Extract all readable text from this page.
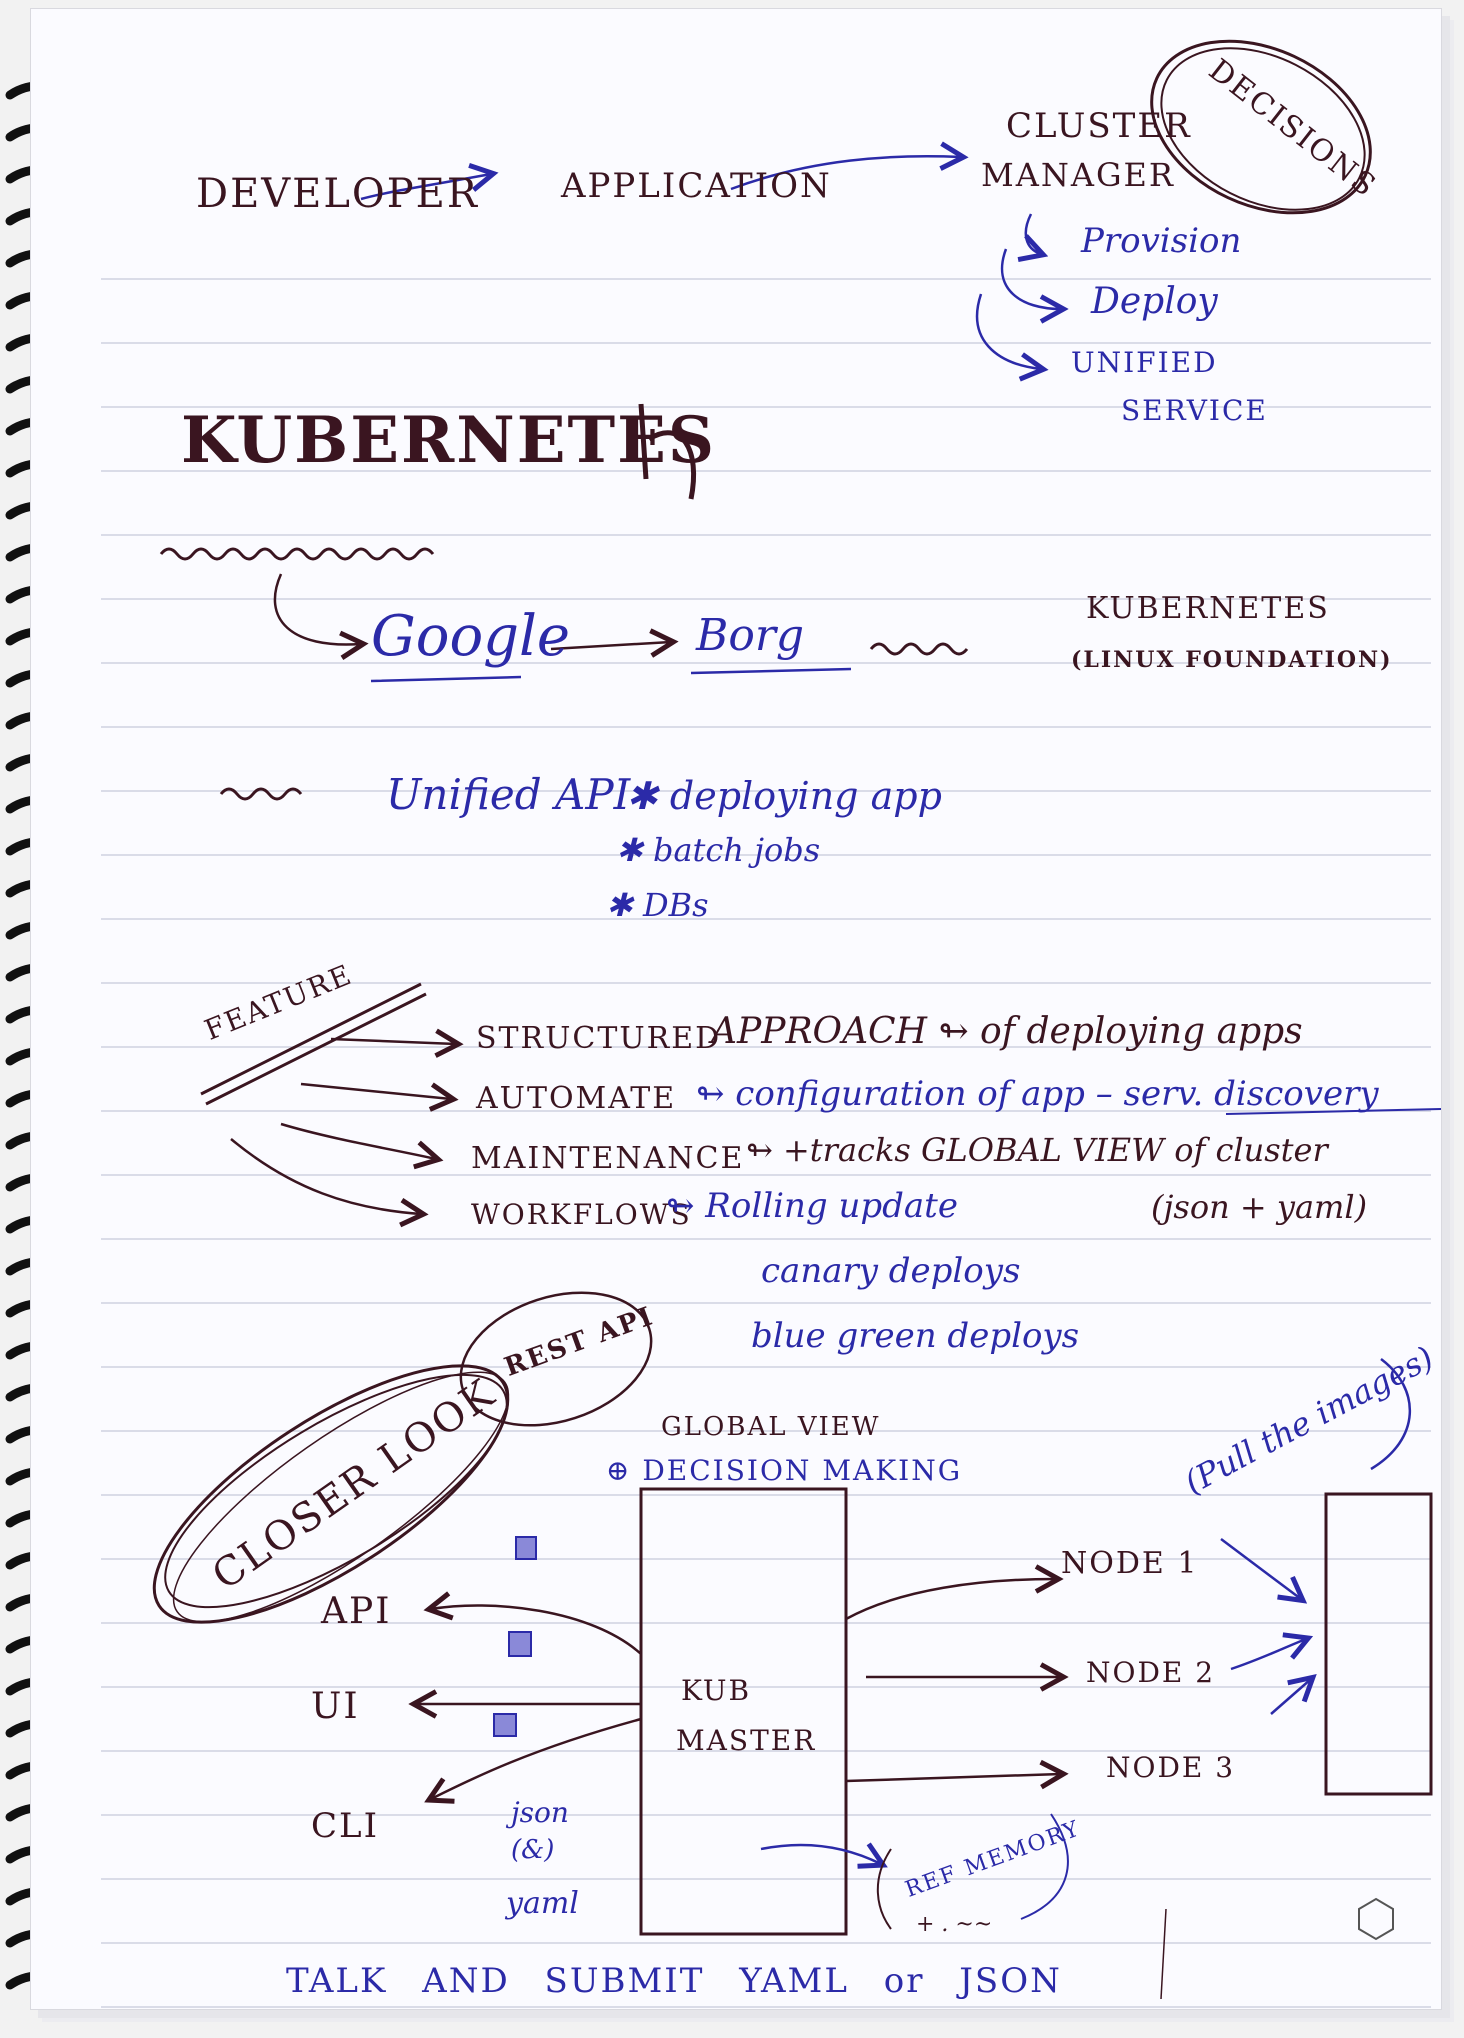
DEVELOPER APPLICATION
CLUSTER
MANAGER DECISIONS
Provision
Deploy
UNIFIED
SERVICE
KUBERNETES
Google	Borg
KUBERNETES
(LINUX FOUNDATION)
Unified API
✱ deploying app
✱ batch jobs
✱ DBs
FEATURE	STRUCTURED
APPROACH ↬ of deploying apps
AUTOMATE ↬ configuration of app – serv. discovery
MAINTENANCE ↬ +tracks GLOBAL VIEW of cluster
WORKFLOWS
↬ Rolling update	(json + yaml)
canary deploys
blue green deploys
CLOSER LOOK
REST API
GLOBAL VIEW
⊕ DECISION MAKING
API
UI
CLI
KUB
MASTER
json
(&)
yaml
NODE 1
NODE 2
NODE 3
(Pull the images)
REF MEMORY
+ . ~~
TALK AND SUBMIT YAML or JSON
